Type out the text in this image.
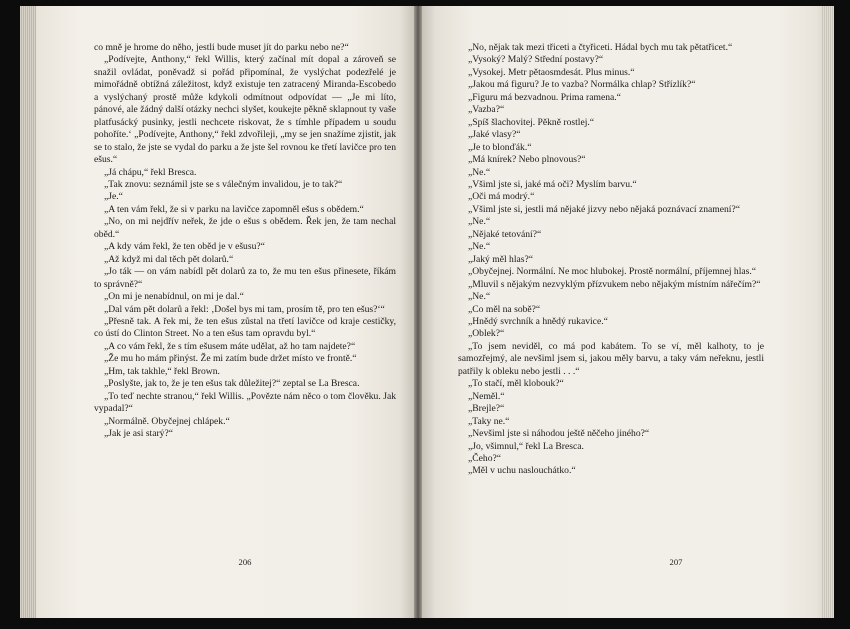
co mně je hrome do něho, jestli bude muset jít do parku nebo ne?“

„Podívejte, Anthony,“ řekl Willis, který začínal mít dopal a zároveň se snažil ovládat, poněvadž si pořád připomínal, že vyslýchat podezřelé je mimořádně obtížná záležitost, když existuje ten zatracený Miranda-Escobedo a vyslýchaný prostě může kdykoli odmítnout odpovídat — „Je mi líto, pánové, ale žádný další otázky nechci slyšet, koukejte pěkně sklapnout ty vaše platfusácký pusinky, jestli nechcete riskovat, že s tímhle případem u soudu pohoříte.‘ „Podívejte, Anthony,“ řekl zdvořileji, „my se jen snažíme zjistit, jak se to stalo, že jste se vydal do parku a že jste šel rovnou ke třetí lavičce pro ten ešus.“

„Já chápu,“ řekl Bresca.

„Tak znovu: seznámil jste se s válečným invalidou, je to tak?“

„Je.“

„A ten vám řekl, že si v parku na lavičce zapomněl ešus s obědem.“

„No, on mi nejdřív neřek, že jde o ešus s obědem. Řek jen, že tam nechal oběd.“

„A kdy vám řekl, že ten oběd je v ešusu?“

„Až když mi dal těch pět dolarů.“

„Jo ták — on vám nabídl pět dolarů za to, že mu ten ešus přinesete, říkám to správně?“

„On mi je nenabídnul, on mi je dal.“

„Dal vám pět dolarů a řekl: ‚Došel bys mi tam, prosím tě, pro ten ešus?‘“

„Přesně tak. A řek mi, že ten ešus zůstal na třetí lavičce od kraje cestičky, co ústí do Clinton Street. No a ten ešus tam opravdu byl.“

„A co vám řekl, že s tím ešusem máte udělat, až ho tam najdete?“

„Že mu ho mám přinýst. Že mi zatím bude držet místo ve frontě.“

„Hm, tak takhle,“ řekl Brown.

„Poslyšte, jak to, že je ten ešus tak důležitej?“ zeptal se La Bresca.

„To teď nechte stranou,“ řekl Willis. „Povězte nám něco o tom člověku. Jak vypadal?“

„Normálně. Obyčejnej chlápek.“

„Jak je asi starý?“

206

„No, nějak tak mezi třiceti a čtyřiceti. Hádal bych mu tak pětatřicet.“

„Vysoký? Malý? Střední postavy?“

„Vysokej. Metr pětaosmdesát. Plus minus.“

„Jakou má figuru? Je to vazba? Normálka chlap? Střízlík?“

„Figuru má bezvadnou. Prima ramena.“

„Vazba?“

„Spíš šlachovitej. Pěkně rostlej.“

„Jaké vlasy?“

„Je to blonďák.“

„Má knírek? Nebo plnovous?“

„Ne.“

„Všiml jste si, jaké má oči? Myslím barvu.“

„Oči má modrý.“

„Všiml jste si, jestli má nějaké jizvy nebo nějaká poznávací znamení?“

„Ne.“

„Nějaké tetování?“

„Ne.“

„Jaký měl hlas?“

„Obyčejnej. Normální. Ne moc hlubokej. Prostě normální, příjemnej hlas.“

„Mluvil s nějakým nezvyklým přízvukem nebo nějakým místním nářečím?“

„Ne.“

„Co měl na sobě?“

„Hnědý svrchník a hnědý rukavice.“

„Oblek?“

„To jsem neviděl, co má pod kabátem. To se ví, měl kalhoty, to je samozřejmý, ale nevšiml jsem si, jakou měly barvu, a taky vám neřeknu, jestli patřily k obleku nebo jestli . . .“

„To stačí, měl klobouk?“

„Neměl.“

„Brejle?“

„Taky ne.“

„Nevšiml jste si náhodou ještě něčeho jiného?“

„Jo, všimnul,“ řekl La Bresca.

„Čeho?“

„Měl v uchu naslouchátko.“

207
